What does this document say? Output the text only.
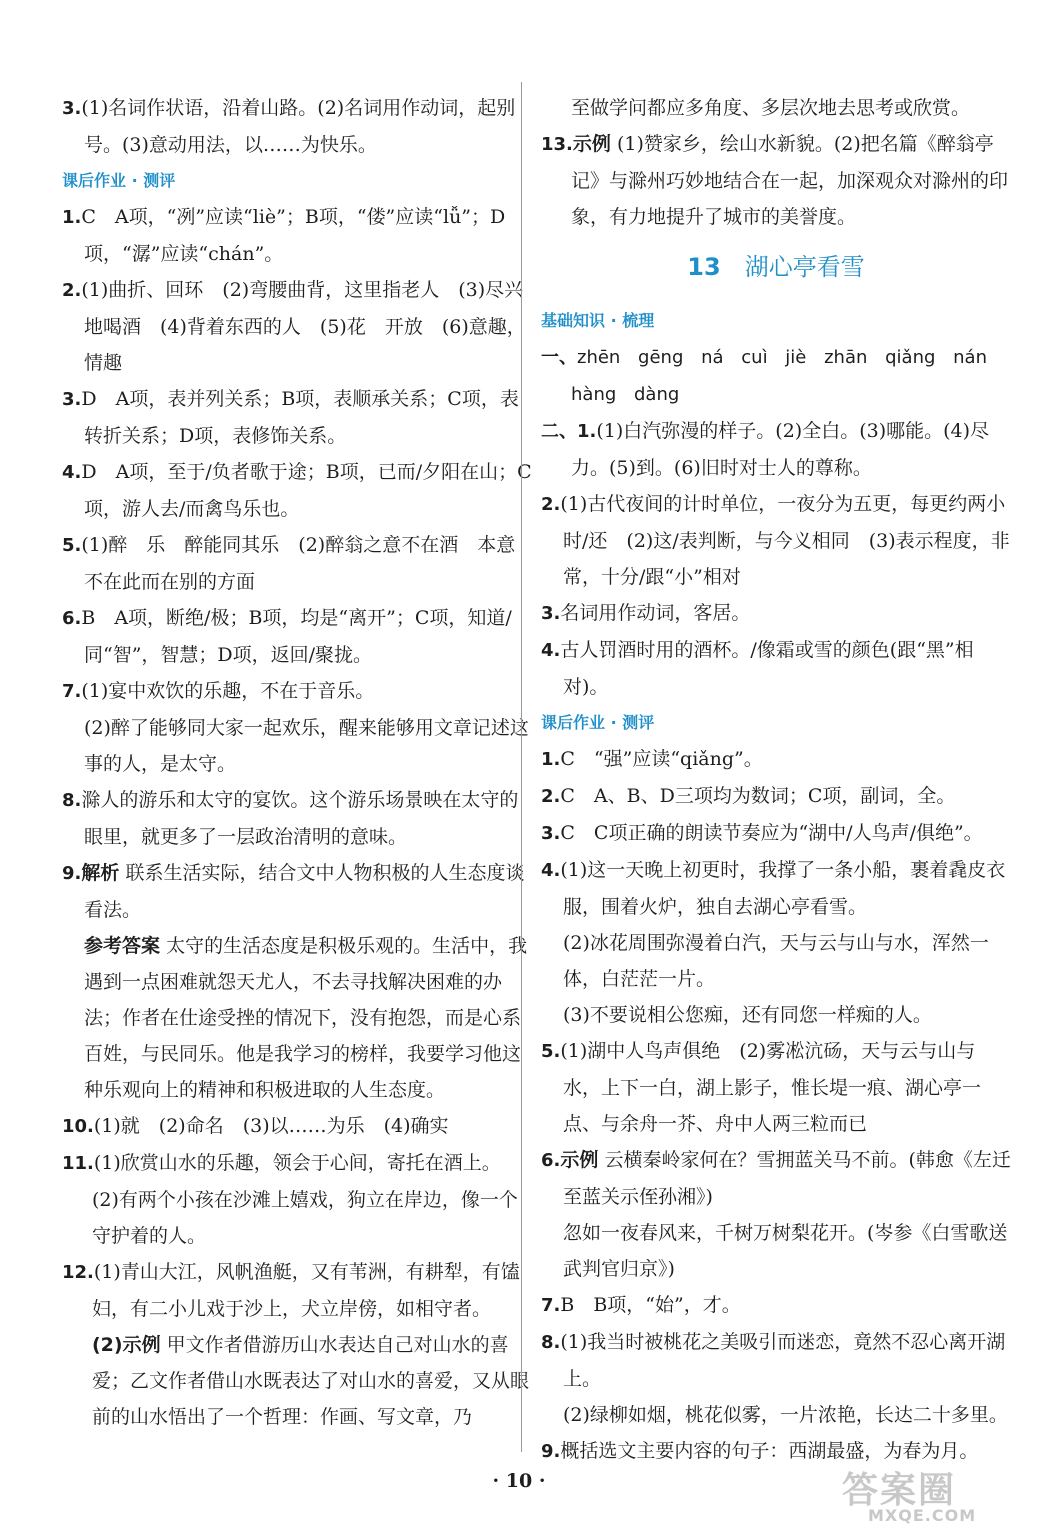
3.(1)名词作状语，沿着山路。(2)名词用作动词，起别号。(3)意动用法，以……为快乐。

课后作业 · 测评

1.C　A项，“冽”应读“liè”；B项，“偻”应读“lǚ”；D项，“潺”应读“chán”。

2.(1)曲折、回环　(2)弯腰曲背，这里指老人　(3)尽兴地喝酒　(4)背着东西的人　(5)花　开放　(6)意趣，情趣

3.D　A项，表并列关系；B项，表顺承关系；C项，表转折关系；D项，表修饰关系。

4.D　A项，至于/负者歌于途；B项，已而/夕阳在山；C项，游人去/而禽鸟乐也。

5.(1)醉　乐　醉能同其乐　(2)醉翁之意不在酒　本意不在此而在别的方面

6.B　A项，断绝/极；B项，均是“离开”；C项，知道/同“智”，智慧；D项，返回/聚拢。

7.(1)宴中欢饮的乐趣，不在于音乐。

(2)醉了能够同大家一起欢乐，醒来能够用文章记述这事的人，是太守。

8.滁人的游乐和太守的宴饮。这个游乐场景映在太守的眼里，就更多了一层政治清明的意味。

9.解析 联系生活实际，结合文中人物积极的人生态度谈看法。

参考答案 太守的生活态度是积极乐观的。生活中，我遇到一点困难就怨天尤人，不去寻找解决困难的办法；作者在仕途受挫的情况下，没有抱怨，而是心系百姓，与民同乐。他是我学习的榜样，我要学习他这种乐观向上的精神和积极进取的人生态度。

10.(1)就　(2)命名　(3)以……为乐　(4)确实

11.(1)欣赏山水的乐趣，领会于心间，寄托在酒上。

(2)有两个小孩在沙滩上嬉戏，狗立在岸边，像一个守护着的人。

12.(1)青山大江，风帆渔艇，又有苇洲，有耕犁，有馌妇，有二小儿戏于沙上，犬立岸傍，如相守者。

(2)示例 甲文作者借游历山水表达自己对山水的喜爱；乙文作者借山水既表达了对山水的喜爱，又从眼前的山水悟出了一个哲理：作画、写文章，乃

至做学问都应多角度、多层次地去思考或欣赏。

13.示例 (1)赞家乡，绘山水新貌。(2)把名篇《醉翁亭记》与滁州巧妙地结合在一起，加深观众对滁州的印象，有力地提升了城市的美誉度。

13 湖心亭看雪

基础知识 · 梳理

一、zhēn gēng ná cuì jiè zhān qiǎng nán hàng dàng

二、1.(1)白汽弥漫的样子。(2)全白。(3)哪能。(4)尽力。(5)到。(6)旧时对士人的尊称。

2.(1)古代夜间的计时单位，一夜分为五更，每更约两小时/还　(2)这/表判断，与今义相同　(3)表示程度，非常，十分/跟“小”相对

3.名词用作动词，客居。

4.古人罚酒时用的酒杯。/像霜或雪的颜色(跟“黑”相对)。

课后作业 · 测评

1.C　“强”应读“qiǎng”。

2.C　A、B、D三项均为数词；C项，副词，全。

3.C　C项正确的朗读节奏应为“湖中/人鸟声/俱绝”。

4.(1)这一天晚上初更时，我撑了一条小船，裹着毳皮衣服，围着火炉，独自去湖心亭看雪。

(2)冰花周围弥漫着白汽，天与云与山与水，浑然一体，白茫茫一片。

(3)不要说相公您痴，还有同您一样痴的人。

5.(1)湖中人鸟声俱绝　(2)雾凇沆砀，天与云与山与水，上下一白，湖上影子，惟长堤一痕、湖心亭一点、与余舟一芥、舟中人两三粒而已

6.示例 云横秦岭家何在？雪拥蓝关马不前。(韩愈《左迁至蓝关示侄孙湘》)

忽如一夜春风来，千树万树梨花开。(岑参《白雪歌送武判官归京》)

7.B　B项，“始”，才。

8.(1)我当时被桃花之美吸引而迷恋，竟然不忍心离开湖上。

(2)绿柳如烟，桃花似雾，一片浓艳，长达二十多里。

9.概括选文主要内容的句子：西湖最盛，为春为月。

· 10 ·	答案圈
MXQE.COM
